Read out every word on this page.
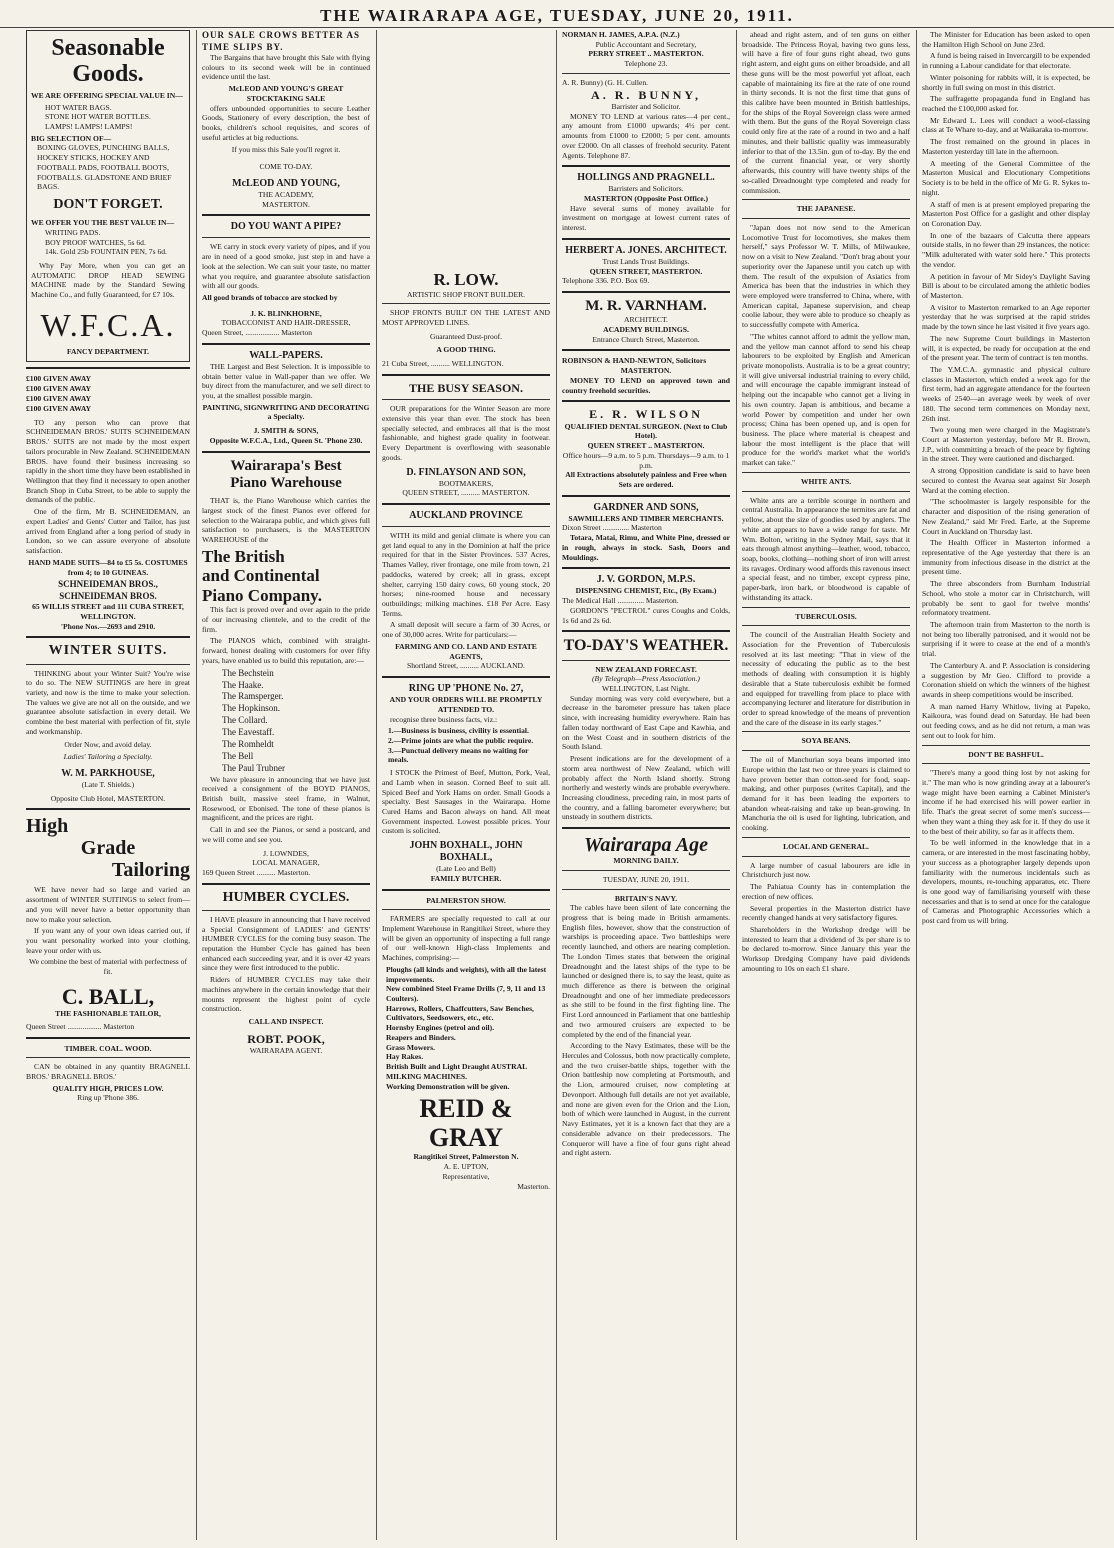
THE WAIRARAPA AGE, TUESDAY, JUNE 20, 1911.
Seasonable Goods.
WE ARE OFFERING SPECIAL VALUE IN—
HOT WATER BAGS.
STONE HOT WATER BOTTLES.
LAMPS! LAMPS! LAMPS!
BIG SELECTION OF—
BOXING GLOVES, PUNCHING BALLS, HOCKEY STICKS, HOCKEY AND FOOTBALL PADS, FOOTBALL BOOTS, FOOTBALLS. GLADSTONE AND BRIEF BAGS.
DON'T FORGET.
WE OFFER YOU THE BEST VALUE IN—
WRITING PADS.
BOY PROOF WATCHES, 5s 6d.
14k. Gold 25b FOUNTAIN PEN, 7s 6d.
Why Pay More, when you can get an AUTOMATIC DROP HEAD SEWING MACHINE made by the Standard Sewing Machine Co., and fully Guaranteed, for £7 10s.
W.F.C.A.
FANCY DEPARTMENT.
£100 GIVEN AWAY
£100 GIVEN AWAY
£100 GIVEN AWAY
£100 GIVEN AWAY
TO any person who can prove that SCHNEIDEMAN BROS.' SUITS SCHNEIDEMAN BROS.' SUITS are not made by the most expert tailors procurable in New Zealand. SCHNEIDEMAN BROS. have found their business increasing so rapidly in the short time they have been established in Wellington that they find it necessary to open another Branch Shop in Cuba Street, to be able to supply the demands of the public.
One of the firm, Mr B. SCHNEIDEMAN, an expert Ladies' and Gents' Cutter and Tailor, has just arrived from England after a long period of study in London, so we can assure everyone of absolute satisfaction.
HAND MADE SUITS—84 to £5 5s. COSTUMES from 4; to 10 GUINEAS.
SCHNEIDEMAN BROS., SCHNEIDEMAN BROS.
65 WILLIS STREET and 111 CUBA STREET, WELLINGTON.
'Phone Nos.—2693 and 2910.
WINTER SUITS.
THINKING about your Winter Suit? You're wise to do so. The NEW SUITINGS are here in great variety, and now is the time to make your selection. The values we give are not all on the outside, and we guarantee absolute satisfaction in every detail. We combine the best material with perfection of fit, style and workmanship.
Order Now, and avoid delay.
Ladies' Tailoring a Specialty.
W. M. PARKHOUSE,
(Late T. Shields.)
Opposite Club Hotel, MASTERTON.
High
Grade
Tailoring
WE have never had so large and varied an assortment of WINTER SUITINGS to select from—and you will never have a better opportunity than now to make your selection.
If you want any of your own ideas carried out, if you want personality worked into your clothing, leave your order with us.
We combine the best of material with perfectness of fit.
C. BALL,
THE FASHIONABLE TAILOR,
Queen Street .................. Masterton
TIMBER. COAL. WOOD.
CAN be obtained in any quantity BRAGNELL BROS.' BRAGNELL BROS.'
QUALITY HIGH, PRICES LOW.
Ring up 'Phone 386.
OUR SALE CROWS BETTER AS TIME SLIPS BY.
The Bargains that have brought this Sale with flying colours to its second week will be in continued evidence until the last.
McLEOD AND YOUNG'S GREAT STOCKTAKING SALE
offers unbounded opportunities to secure Leather Goods, Stationery of every description, the best of books, children's school requisites, and scores of useful articles at big reductions.
If you miss this Sale you'll regret it.
COME TO-DAY.
McLEOD AND YOUNG,
THE ACADEMY,
MASTERTON.
DO YOU WANT A PIPE?
WE carry in stock every variety of pipes, and if you are in need of a good smoke, just step in and have a look at the selection. We can suit your taste, no matter what you require, and guarantee absolute satisfaction with all our goods.
All good brands of tobacco are stocked by
J. K. BLINKHORNE,
TOBACCONIST AND HAIR-DRESSER,
Queen Street, .................. Masterton
WALL-PAPERS.
THE Largest and Best Selection. It is impossible to obtain better value in Wall-paper than we offer. We buy direct from the manufacturer, and we sell direct to you, at the smallest possible margin.
PAINTING, SIGNWRITING AND DECORATING a Specialty.
J. SMITH & SONS,
Opposite W.F.C.A., Ltd., Queen St. 'Phone 230.
Wairarapa's Best
Piano Warehouse
THAT is, the Piano Warehouse which carries the largest stock of the finest Pianos ever offered for selection to the Wairarapa public, and which gives full satisfaction to purchasers, is the MASTERTON WAREHOUSE of the
The British
and Continental
Piano Company.
This fact is proved over and over again to the pride of our increasing clientele, and to the credit of the firm.
The PIANOS which, combined with straight-forward, honest dealing with customers for over fifty years, have enabled us to build this reputation, are:—
The Bechstein
The Haake.
The Ramsperger.
The Hopkinson.
The Collard.
The Eavestaff.
The Romheldt
The Bell
The Paul Trubner
We have pleasure in announcing that we have just received a consignment of the BOYD PIANOS, British built, massive steel frame, in Walnut, Rosewood, or Ebonised. The tone of these pianos is magnificent, and the prices are right.
Call in and see the Pianos, or send a postcard, and we will come and see you.
J. LOWNDES,
LOCAL MANAGER,
169 Queen Street .......... Masterton.
HUMBER CYCLES.
I HAVE pleasure in announcing that I have received a Special Consignment of LADIES' and GENTS' HUMBER CYCLES for the coming busy season. The reputation the Humber Cycle has gained has been enhanced each succeeding year, and it is over 42 years since they were first introduced to the public.
Riders of HUMBER CYCLES may take their machines anywhere in the certain knowledge that their mounts represent the highest point of cycle construction.
CALL AND INSPECT.
ROBT. POOK,
WAIRARAPA AGENT.
R. LOW.
ARTISTIC SHOP FRONT BUILDER.
SHOP FRONTS BUILT ON THE LATEST AND MOST APPROVED LINES.
Guaranteed Dust-proof.
A GOOD THING.
21 Cuba Street, .......... WELLINGTON.
THE BUSY SEASON.
OUR preparations for the Winter Season are more extensive this year than ever. The stock has been specially selected, and embraces all that is the most fashionable, and highest grade quality in footwear. Every Department is overflowing with seasonable goods.
D. FINLAYSON AND SON,
BOOTMAKERS,
QUEEN STREET, .......... MASTERTON.
AUCKLAND PROVINCE
WITH its mild and genial climate is where you can get land equal to any in the Dominion at half the price required for that in the Sister Provinces. 537 Acres, Thames Valley, river frontage, one mile from town, 21 paddocks, watered by creek; all in grass, except shelter, carrying 150 dairy cows, 60 young stock, 20 horses; nine-roomed house and necessary outbuildings; milking machines. £18 Per Acre. Easy Terms.
A small deposit will secure a farm of 30 Acres, or one of 30,000 acres. Write for particulars:—
FARMING AND CO. LAND AND ESTATE AGENTS,
Shortland Street, .......... AUCKLAND.
RING UP 'PHONE No. 27,
AND YOUR ORDERS WILL BE PROMPTLY ATTENDED TO.
recognise three business facts, viz.:
1.—Business is business, civility is essential.
2.—Prime joints are what the public require.
3.—Punctual delivery means no waiting for meals.
I STOCK the Primest of Beef, Mutton, Pork, Veal, and Lamb when in season. Corned Beef to suit all. Spiced Beef and York Hams on order. Small Goods a specialty. Best Sausages in the Wairarapa. Home Cured Hams and Bacon always on hand. All meat Government inspected. Lowest possible prices. Your custom is solicited.
JOHN BOXHALL, JOHN BOXHALL,
(Late Leo and Bell)
FAMILY BUTCHER.
PALMERSTON SHOW.
FARMERS are specially requested to call at our Implement Warehouse in Rangitikei Street, where they will be given an opportunity of inspecting a full range of our well-known High-class Implements and Machines, comprising:—
Ploughs (all kinds and weights), with all the latest improvements.
New combined Steel Frame Drills (7, 9, 11 and 13 Coulters).
Harrows, Rollers, Chaffcutters, Saw Benches, Cultivators, Seedsowers, etc., etc.
Hornsby Engines (petrol and oil).
Reapers and Binders.
Grass Mowers.
Hay Rakes.
British Built and Light Draught AUSTRAL MILKING MACHINES.
Working Demonstration will be given.
REID & GRAY
Rangitikei Street, Palmerston N.
A. E. UPTON,
Representative,
Masterton.
NORMAN H. JAMES, A.P.A. (N.Z.)
Public Accountant and Secretary,
PERRY STREET .. MASTERTON.
Telephone 23.
A. R. Bunny) (G. H. Cullen.
A. R. BUNNY,
Barrister and Solicitor.
MONEY TO LEND at various rates—4 per cent., any amount from £1000 upwards; 4½ per cent. amounts from £1000 to £2000; 5 per cent. amounts over £2000. On all classes of freehold security. Patent Agents. Telephone 87.
HOLLINGS AND PRAGNELL.
Barristers and Solicitors.
MASTERTON (Opposite Post Office.)
Have several sums of money available for investment on mortgage at lowest current rates of interest.
HERBERT A. JONES. ARCHITECT.
Trust Lands Trust Buildings.
QUEEN STREET, MASTERTON.
Telephone 336. P.O. Box 69.
M. R. VARNHAM.
ARCHITECT.
ACADEMY BUILDINGS.
Entrance Church Street, Masterton.
ROBINSON & HAND-NEWTON, Solicitors
MASTERTON.
MONEY TO LEND on approved town and country freehold securities.
E. R. WILSON
QUALIFIED DENTAL SURGEON. (Next to Club Hotel).
QUEEN STREET .. MASTERTON.
Office hours—9 a.m. to 5 p.m. Thursdays—9 a.m. to 1 p.m.
All Extractions absolutely painless and Free when Sets are ordered.
GARDNER AND SONS,
SAWMILLERS AND TIMBER MERCHANTS.
Dixon Street .............. Masterton
Totara, Matai, Rimu, and White Pine, dressed or in rough, always in stock. Sash, Doors and Mouldings.
J. V. GORDON, M.P.S.
DISPENSING CHEMIST, Etc., (By Exam.)
The Medical Hall .............. Masterton.
GORDON'S "PECTROL" cures Coughs and Colds, 1s 6d and 2s 6d.
TO-DAY'S WEATHER.
NEW ZEALAND FORECAST.
(By Telegraph—Press Association.)
WELLINGTON, Last Night.
Sunday morning was very cold everywhere, but a decrease in the barometer pressure has taken place since, with increasing humidity everywhere. Rain has fallen today northward of East Cape and Kawhia, and on the West Coast and in southern districts of the South Island.
Present indications are for the development of a storm area northwest of New Zealand, which will probably affect the North Island shortly. Strong northerly and westerly winds are probable everywhere. Increasing cloudiness, preceding rain, in most parts of the country, and a falling barometer everywhere; but unsteady in southern districts.
Wairarapa Age
MORNING DAILY.
TUESDAY, JUNE 20, 1911.
BRITAIN'S NAVY.
The cables have been silent of late concerning the progress that is being made in British armaments. English files, however, show that the construction of warships is proceeding apace. Two battleships were recently launched, and others are nearing completion. The London Times states that between the original Dreadnought and the latest ships of the type to be launched or designed there is, to say the least, quite as much difference as there is between the original Dreadnought and one of her immediate predecessors as she still to be found in the first fighting line. The First Lord announced in Parliament that one battleship and two armoured cruisers are expected to be completed by the end of the financial year.
According to the Navy Estimates, these will be the Hercules and Colossus, both now practically complete, and the two cruiser-battle ships, together with the Orion battleship now completing at Portsmouth, and the Lion, armoured cruiser, now completing at Devonport. Although full details are not yet available, and none are given even for the Orion and the Lion, both of which were launched in August, in the current Navy Estimates, yet it is a known fact that they are a considerable advance on their predecessors. The Conqueror will have a fine of four guns right ahead and right astern.
ahead and right astern, and of ten guns on either broadside. The Princess Royal, having two guns less, will have a fire of four guns right ahead, two guns right astern, and eight guns on either broadside, and all these guns will be the most powerful yet afloat, each capable of maintaining its fire at the rate of one round in thirty seconds. It is not the first time that guns of this calibre have been mounted in British battleships, for the ships of the Royal Sovereign class were armed with them. But the guns of the Royal Sovereign class could only fire at the rate of a round in two and a half minutes, and their ballistic quality was immeasurably inferior to that of the 13.5in. gun of to-day. By the end of the current financial year, or very shortly afterwards, this country will have twenty ships of the so-called Dreadnought type completed and ready for commission.
THE JAPANESE.
"Japan does not now send to the American Locomotive Trust for locomotives, she makes them herself," says Professor W. T. Mills, of Milwaukee, now on a visit to New Zealand. "Don't brag about your superiority over the Japanese until you catch up with them. The result of the expulsion of Asiatics from America has been that the industries in which they were employed were transferred to China, where, with American capital, Japanese supervision, and cheap coolie labour, they were able to produce so cheaply as to successfully compete with America.
"The whites cannot afford to admit the yellow man, and the yellow man cannot afford to send his cheap labourers to be exploited by English and American private monopolists. Australia is to be a great country; it will give universal industrial training to every child, and will encourage the capable immigrant instead of helping out the incapable who cannot get a living in his own country. Japan is ambitious, and became a world Power by competition and under her own process; China has been opened up, and is open for business. The place where material is cheapest and labour the most intelligent is the place that will produce for the world's market what the world's market can take."
WHITE ANTS.
White ants are a terrible scourge in northern and central Australia. In appearance the termites are fat and yellow, about the size of goodies used by anglers. The white ant appears to have a wide range for taste. Mr Wm. Bolton, writing in the Sydney Mail, says that it eats through almost anything—leather, wood, tobacco, soap, books, clothing—nothing short of iron will arrest its ravages. Ordinary wood affords this ravenous insect a special feast, and no timber, except cypress pine, paper-bark, iron bark, or bloodwood is capable of withstanding its attack.
TUBERCULOSIS.
The council of the Australian Health Society and Association for the Prevention of Tuberculosis resolved at its last meeting: "That in view of the necessity of educating the public as to the best methods of dealing with consumption it is highly desirable that a State tuberculosis exhibit be formed and equipped for travelling from place to place with accompanying lecturer and literature for distribution in order to spread knowledge of the means of prevention and the care of the disease in its early stages."
SOYA BEANS.
The oil of Manchurian soya beans imported into Europe within the last two or three years is claimed to have proven better than cotton-seed for food, soap-making, and other purposes (writes Capital), and the demand for it has been leading the exporters to abandon wheat-raising and take up bean-growing. In Manchuria the oil is used for lighting, lubrication, and cooking.
LOCAL AND GENERAL.
A large number of casual labourers are idle in Christchurch just now.
The Pahiatua County has in contemplation the erection of new offices.
Several properties in the Masterton district have recently changed hands at very satisfactory figures.
Shareholders in the Workshop dredge will be interested to learn that a dividend of 3s per share is to be declared to-morrow. Since January this year the Worksop Dredging Company have paid dividends amounting to 10s on each £1 share.
The Minister for Education has been asked to open the Hamilton High School on June 23rd.
A fund is being raised in Invercargill to be expended in running a Labour candidate for that electorate.
Winter poisoning for rabbits will, it is expected, be shortly in full swing on most in this district.
The suffragette propaganda fund in England has reached the £100,000 asked for.
Mr Edward L. Lees will conduct a wool-classing class at Te Whare to-day, and at Waikaraka to-morrow.
The frost remained on the ground in places in Masterton yesterday till late in the afternoon.
A meeting of the General Committee of the Masterton Musical and Elocutionary Competitions Society is to be held in the office of Mr G. R. Sykes to-night.
A staff of men is at present employed preparing the Masterton Post Office for a gaslight and other display on Coronation Day.
In one of the bazaars of Calcutta there appears outside stalls, in no fewer than 29 instances, the notice: "Milk adulterated with water sold here." This protects the vendor.
A petition in favour of Mr Sidey's Daylight Saving Bill is about to be circulated among the athletic bodies of Masterton.
A visitor to Masterton remarked to an Age reporter yesterday that he was surprised at the rapid strides made by the town since he last visited it five years ago.
The new Supreme Court buildings in Masterton will, it is expected, be ready for occupation at the end of the present year. The term of contract is ten months.
The Y.M.C.A. gymnastic and physical culture classes in Masterton, which ended a week ago for the first term, had an aggregate attendance for the fourteen weeks of 2540—an average week by week of over 180. The second term commences on Monday next, 26th inst.
Two young men were charged in the Magistrate's Court at Masterton yesterday, before Mr R. Brown, J.P., with committing a breach of the peace by fighting in the street. They were cautioned and discharged.
A strong Opposition candidate is said to have been secured to contest the Avarua seat against Sir Joseph Ward at the coming election.
"The schoolmaster is largely responsible for the character and disposition of the rising generation of New Zealand," said Mr Fred. Earle, at the Supreme Court in Auckland on Thursday last.
The Health Officer in Masterton informed a representative of the Age yesterday that there is an immunity from infectious disease in the district at the present time.
The three absconders from Burnham Industrial School, who stole a motor car in Christchurch, will probably be sent to gaol for twelve months' reformatory treatment.
The afternoon train from Masterton to the north is not being too liberally patronised, and it would not be surprising if it were to cease at the end of a month's trial.
The Canterbury A. and P. Association is considering a suggestion by Mr Geo. Clifford to provide a Coronation shield on which the winners of the highest awards in sheep competitions would be inscribed.
A man named Harry Whitlow, living at Papeko, Kaikoura, was found dead on Saturday. He had been out feeding cows, and as he did not return, a man was sent out to look for him.
DON'T BE BASHFUL.
"There's many a good thing lost by not asking for it." The man who is now grinding away at a labourer's wage might have been earning a Cabinet Minister's income if he had exercised his will power earlier in life. That's the great secret of some men's success—when they want a thing they ask for it. If they do use it to the best of their ability, so far as it affects them.
To be well informed in the knowledge that in a camera, or are interested in the most fascinating hobby, your success as a photographer largely depends upon familiarity with the numerous incidentals such as developers, mounts, re-touching apparatus, etc. There is one good way of familiarising yourself with these necessaries and that is to send at once for the catalogue of Cameras and Photographic Accessories which a post card from us will bring.
